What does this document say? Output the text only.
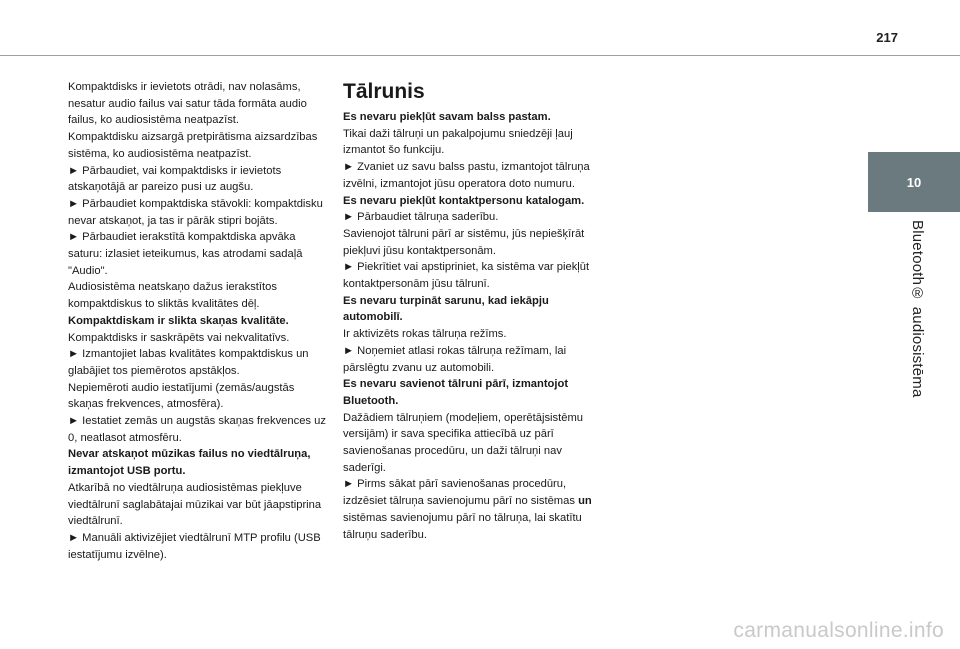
217
10
Bluetooth® audiosistēma

Kompaktdisks ir ievietots otrādi, nav nolasāms, nesatur audio failus vai satur tāda formāta audio failus, ko audiosistēma neatpazīst.

Kompaktdisku aizsargā pretpirātisma aizsardzības sistēma, ko audiosistēma neatpazīst.

► Pārbaudiet, vai kompaktdisks ir ievietots atskaņotājā ar pareizo pusi uz augšu.

► Pārbaudiet kompaktdiska stāvokli: kompaktdisku nevar atskaņot, ja tas ir pārāk stipri bojāts.

► Pārbaudiet ierakstītā kompaktdiska apvāka saturu: izlasiet ieteikumus, kas atrodami sadaļā "Audio".

Audiosistēma neatskaņo dažus ierakstītos kompaktdiskus to sliktās kvalitātes dēļ.

Kompaktdiskam ir slikta skaņas kvalitāte.

Kompaktdisks ir saskrāpēts vai nekvalitatīvs.

► Izmantojiet labas kvalitātes kompaktdiskus un glabājiet tos piemērotos apstākļos.

Nepiemēroti audio iestatījumi (zemās/augstās skaņas frekvences, atmosfēra).

► Iestatiet zemās un augstās skaņas frekvences uz 0, neatlasot atmosfēru.

Nevar atskaņot mūzikas failus no viedtālruņa, izmantojot USB portu.

Atkarībā no viedtālruņa audiosistēmas piekļuve viedtālrunī saglabātajai mūzikai var būt jāapstiprina viedtālrunī.

► Manuāli aktivizējiet viedtālrunī MTP profilu (USB iestatījumu izvēlne).

Tālrunis

Es nevaru piekļūt savam balss pastam.

Tikai daži tālruņi un pakalpojumu sniedzēji ļauj izmantot šo funkciju.

► Zvaniet uz savu balss pastu, izmantojot tālruņa izvēlni, izmantojot jūsu operatora doto numuru.

Es nevaru piekļūt kontaktpersonu katalogam.

► Pārbaudiet tālruņa saderību.

Savienojot tālruni pārī ar sistēmu, jūs nepiešķīrāt piekļuvi jūsu kontaktpersonām.

► Piekrītiet vai apstipriniet, ka sistēma var piekļūt kontaktpersonām jūsu tālrunī.

Es nevaru turpināt sarunu, kad iekāpju automobilī.

Ir aktivizēts rokas tālruņa režīms.

► Noņemiet atlasi rokas tālruņa režīmam, lai pārslēgtu zvanu uz automobili.

Es nevaru savienot tālruni pārī, izmantojot Bluetooth.

Dažādiem tālruņiem (modeļiem, operētājsistēmu versijām) ir sava specifika attiecībā uz pārī savienošanas procedūru, un daži tālruņi nav saderīgi.

► Pirms sākat pārī savienošanas procedūru, izdzēsiet tālruņa savienojumu pārī no sistēmas un sistēmas savienojumu pārī no tālruņa, lai skatītu tālruņu saderību.

carmanualsonline.info
